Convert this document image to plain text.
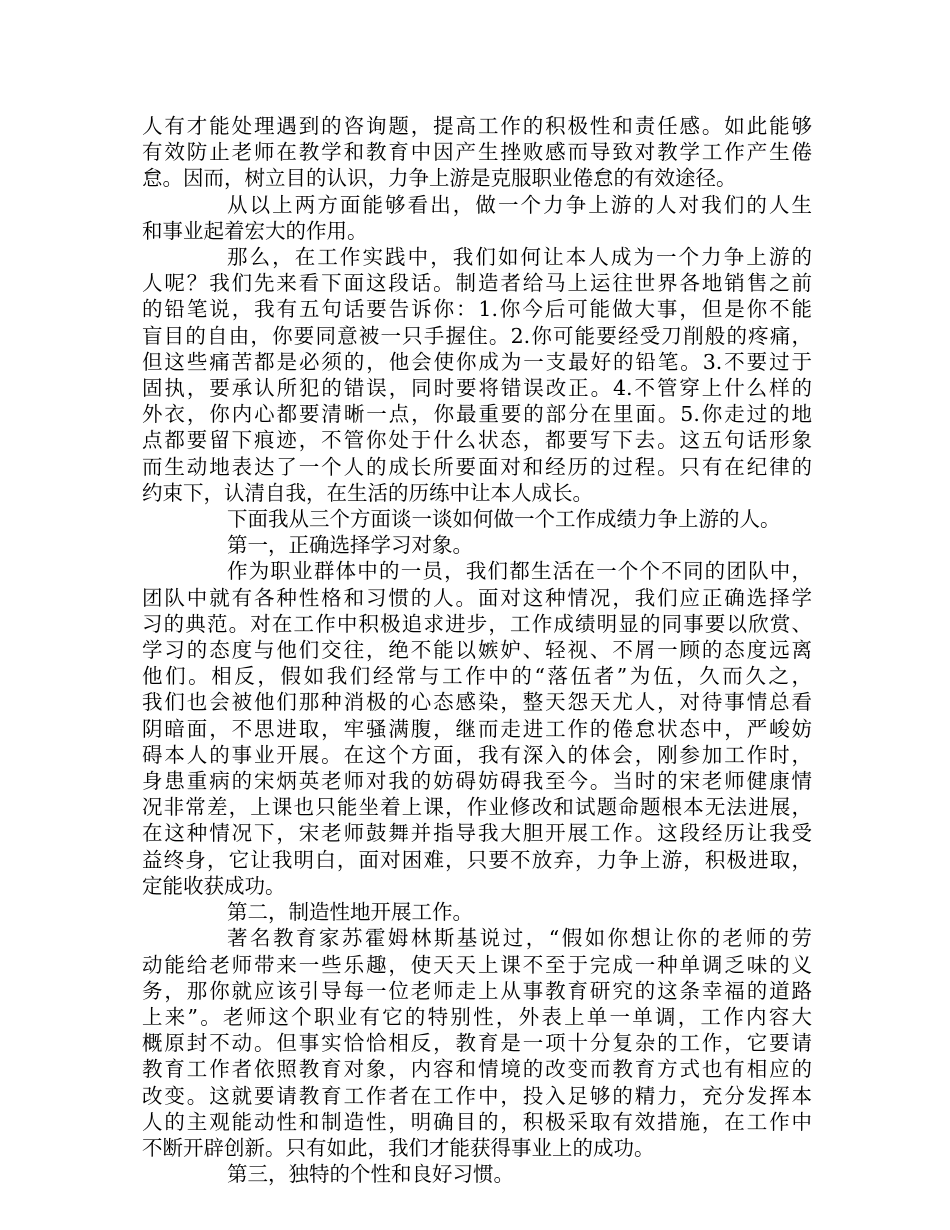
人有才能处理遇到的咨询题，提高工作的积极性和责任感。如此能够
有效防止老师在教学和教育中因产生挫败感而导致对教学工作产生倦
怠。因而，树立目的认识，力争上游是克服职业倦怠的有效途径。

从以上两方面能够看出，做一个力争上游的人对我们的人生
和事业起着宏大的作用。

那么，在工作实践中，我们如何让本人成为一个力争上游的
人呢？我们先来看下面这段话。制造者给马上运往世界各地销售之前
的铅笔说，我有五句话要告诉你：1.你今后可能做大事，但是你不能
盲目的自由，你要同意被一只手握住。2.你可能要经受刀削般的疼痛，
但这些痛苦都是必须的，他会使你成为一支最好的铅笔。3.不要过于
固执，要承认所犯的错误，同时要将错误改正。4.不管穿上什么样的
外衣，你内心都要清晰一点，你最重要的部分在里面。5.你走过的地
点都要留下痕迹，不管你处于什么状态，都要写下去。这五句话形象
而生动地表达了一个人的成长所要面对和经历的过程。只有在纪律的
约束下，认清自我，在生活的历练中让本人成长。

下面我从三个方面谈一谈如何做一个工作成绩力争上游的人。

第一，正确选择学习对象。

作为职业群体中的一员，我们都生活在一个个不同的团队中，
团队中就有各种性格和习惯的人。面对这种情况，我们应正确选择学
习的典范。对在工作中积极追求进步，工作成绩明显的同事要以欣赏、
学习的态度与他们交往，绝不能以嫉妒、轻视、不屑一顾的态度远离
他们。相反，假如我们经常与工作中的“落伍者”为伍，久而久之，
我们也会被他们那种消极的心态感染，整天怨天尤人，对待事情总看
阴暗面，不思进取，牢骚满腹，继而走进工作的倦怠状态中，严峻妨
碍本人的事业开展。在这个方面，我有深入的体会，刚参加工作时，
身患重病的宋炳英老师对我的妨碍妨碍我至今。当时的宋老师健康情
况非常差，上课也只能坐着上课，作业修改和试题命题根本无法进展，
在这种情况下，宋老师鼓舞并指导我大胆开展工作。这段经历让我受
益终身，它让我明白，面对困难，只要不放弃，力争上游，积极进取，
定能收获成功。

第二，制造性地开展工作。

著名教育家苏霍姆林斯基说过，“假如你想让你的老师的劳
动能给老师带来一些乐趣，使天天上课不至于完成一种单调乏味的义
务，那你就应该引导每一位老师走上从事教育研究的这条幸福的道路
上来”。老师这个职业有它的特别性，外表上单一单调，工作内容大
概原封不动。但事实恰恰相反，教育是一项十分复杂的工作，它要请
教育工作者依照教育对象，内容和情境的改变而教育方式也有相应的
改变。这就要请教育工作者在工作中，投入足够的精力，充分发挥本
人的主观能动性和制造性，明确目的，积极采取有效措施，在工作中
不断开辟创新。只有如此，我们才能获得事业上的成功。

第三，独特的个性和良好习惯。
